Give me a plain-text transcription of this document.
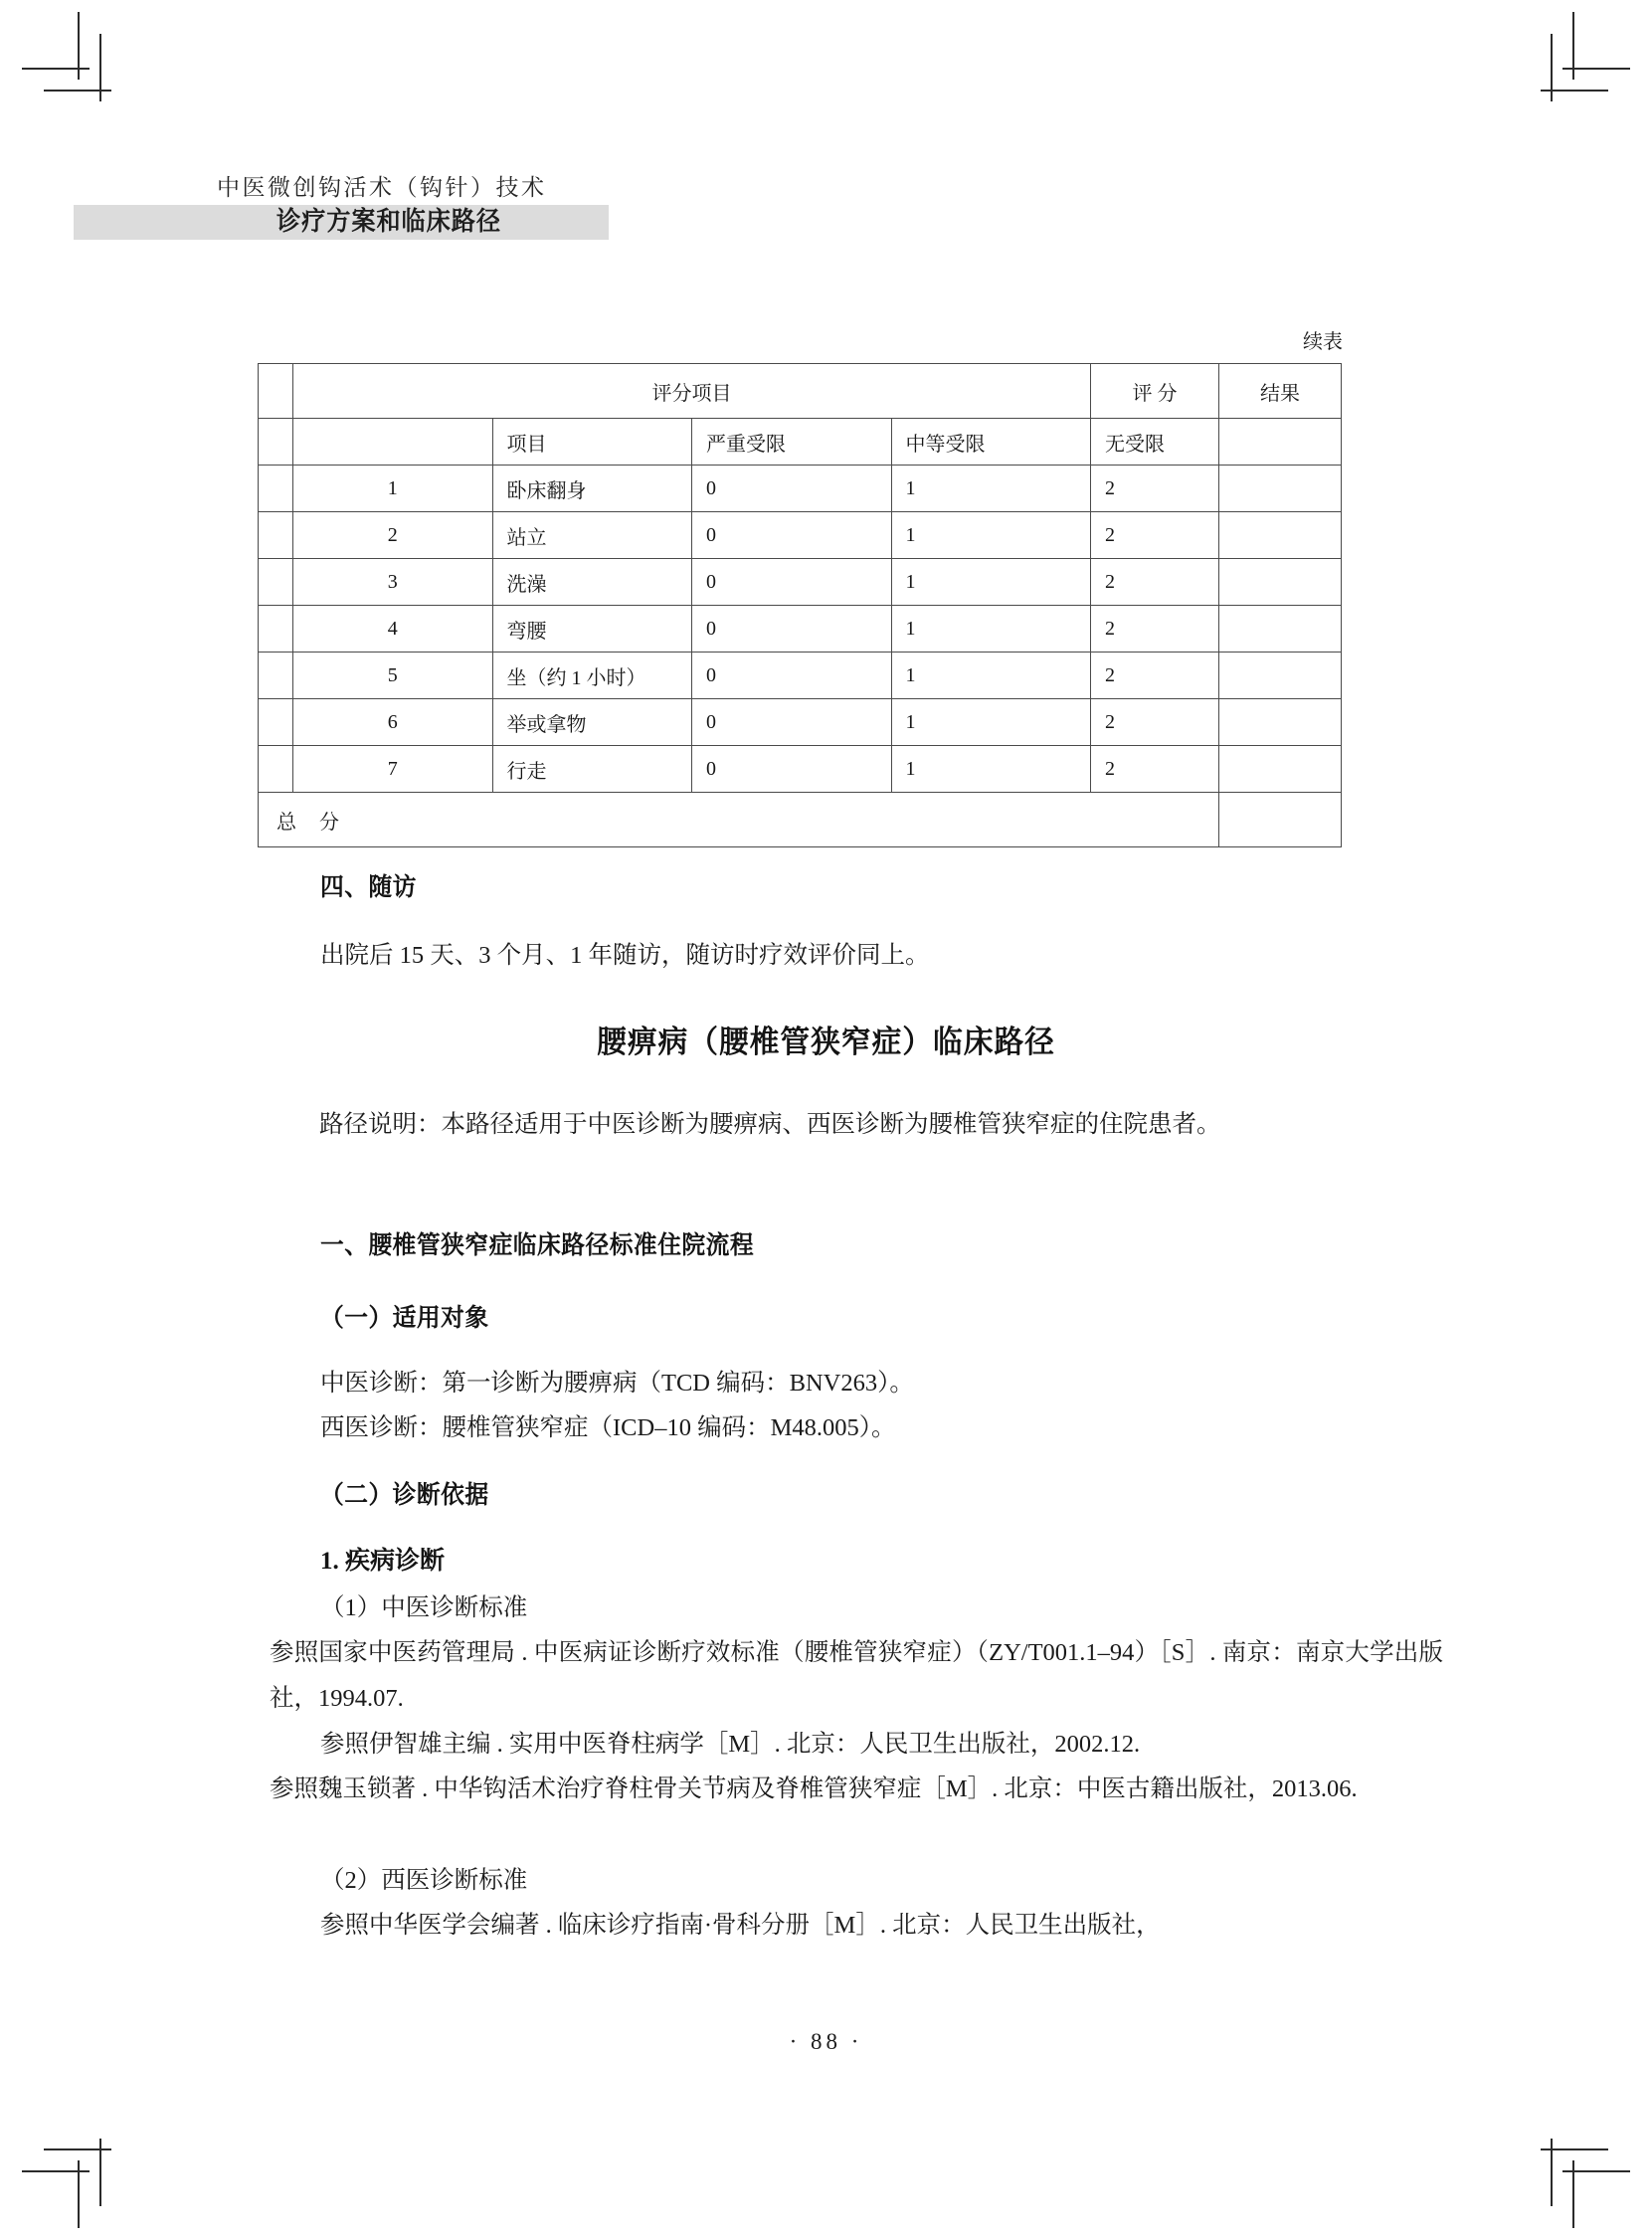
中医微创钩活术（钩针）技术
诊疗方案和临床路径
续表
	评分项目				评 分	结果
		项目	严重受限	中等受限	无受限	
	1	卧床翻身	0	1	2	
	2	站立	0	1	2	
	3	洗澡	0	1	2	
	4	弯腰	0	1	2	
	5	坐（约 1 小时）	0	1	2	
	6	举或拿物	0	1	2	
	7	行走	0	1	2	
总 分						
四、随访
出院后 15 天、3 个月、1 年随访，随访时疗效评价同上。
腰痹病（腰椎管狭窄症）临床路径
路径说明：本路径适用于中医诊断为腰痹病、西医诊断为腰椎管狭窄症的住院患者。
一、腰椎管狭窄症临床路径标准住院流程
（一）适用对象
中医诊断：第一诊断为腰痹病（TCD 编码：BNV263）。
西医诊断：腰椎管狭窄症（ICD–10 编码：M48.005）。
（二）诊断依据
1. 疾病诊断
（1）中医诊断标准
参照国家中医药管理局 . 中医病证诊断疗效标准（腰椎管狭窄症）（ZY/T001.1–94）［S］. 南京：南京大学出版社，1994.07.
参照伊智雄主编 . 实用中医脊柱病学［M］. 北京：人民卫生出版社，2002.12.
参照魏玉锁著 . 中华钩活术治疗脊柱骨关节病及脊椎管狭窄症［M］. 北京：中医古籍出版社，2013.06.
（2）西医诊断标准
参照中华医学会编著 . 临床诊疗指南·骨科分册［M］. 北京：人民卫生出版社，
· 88 ·
